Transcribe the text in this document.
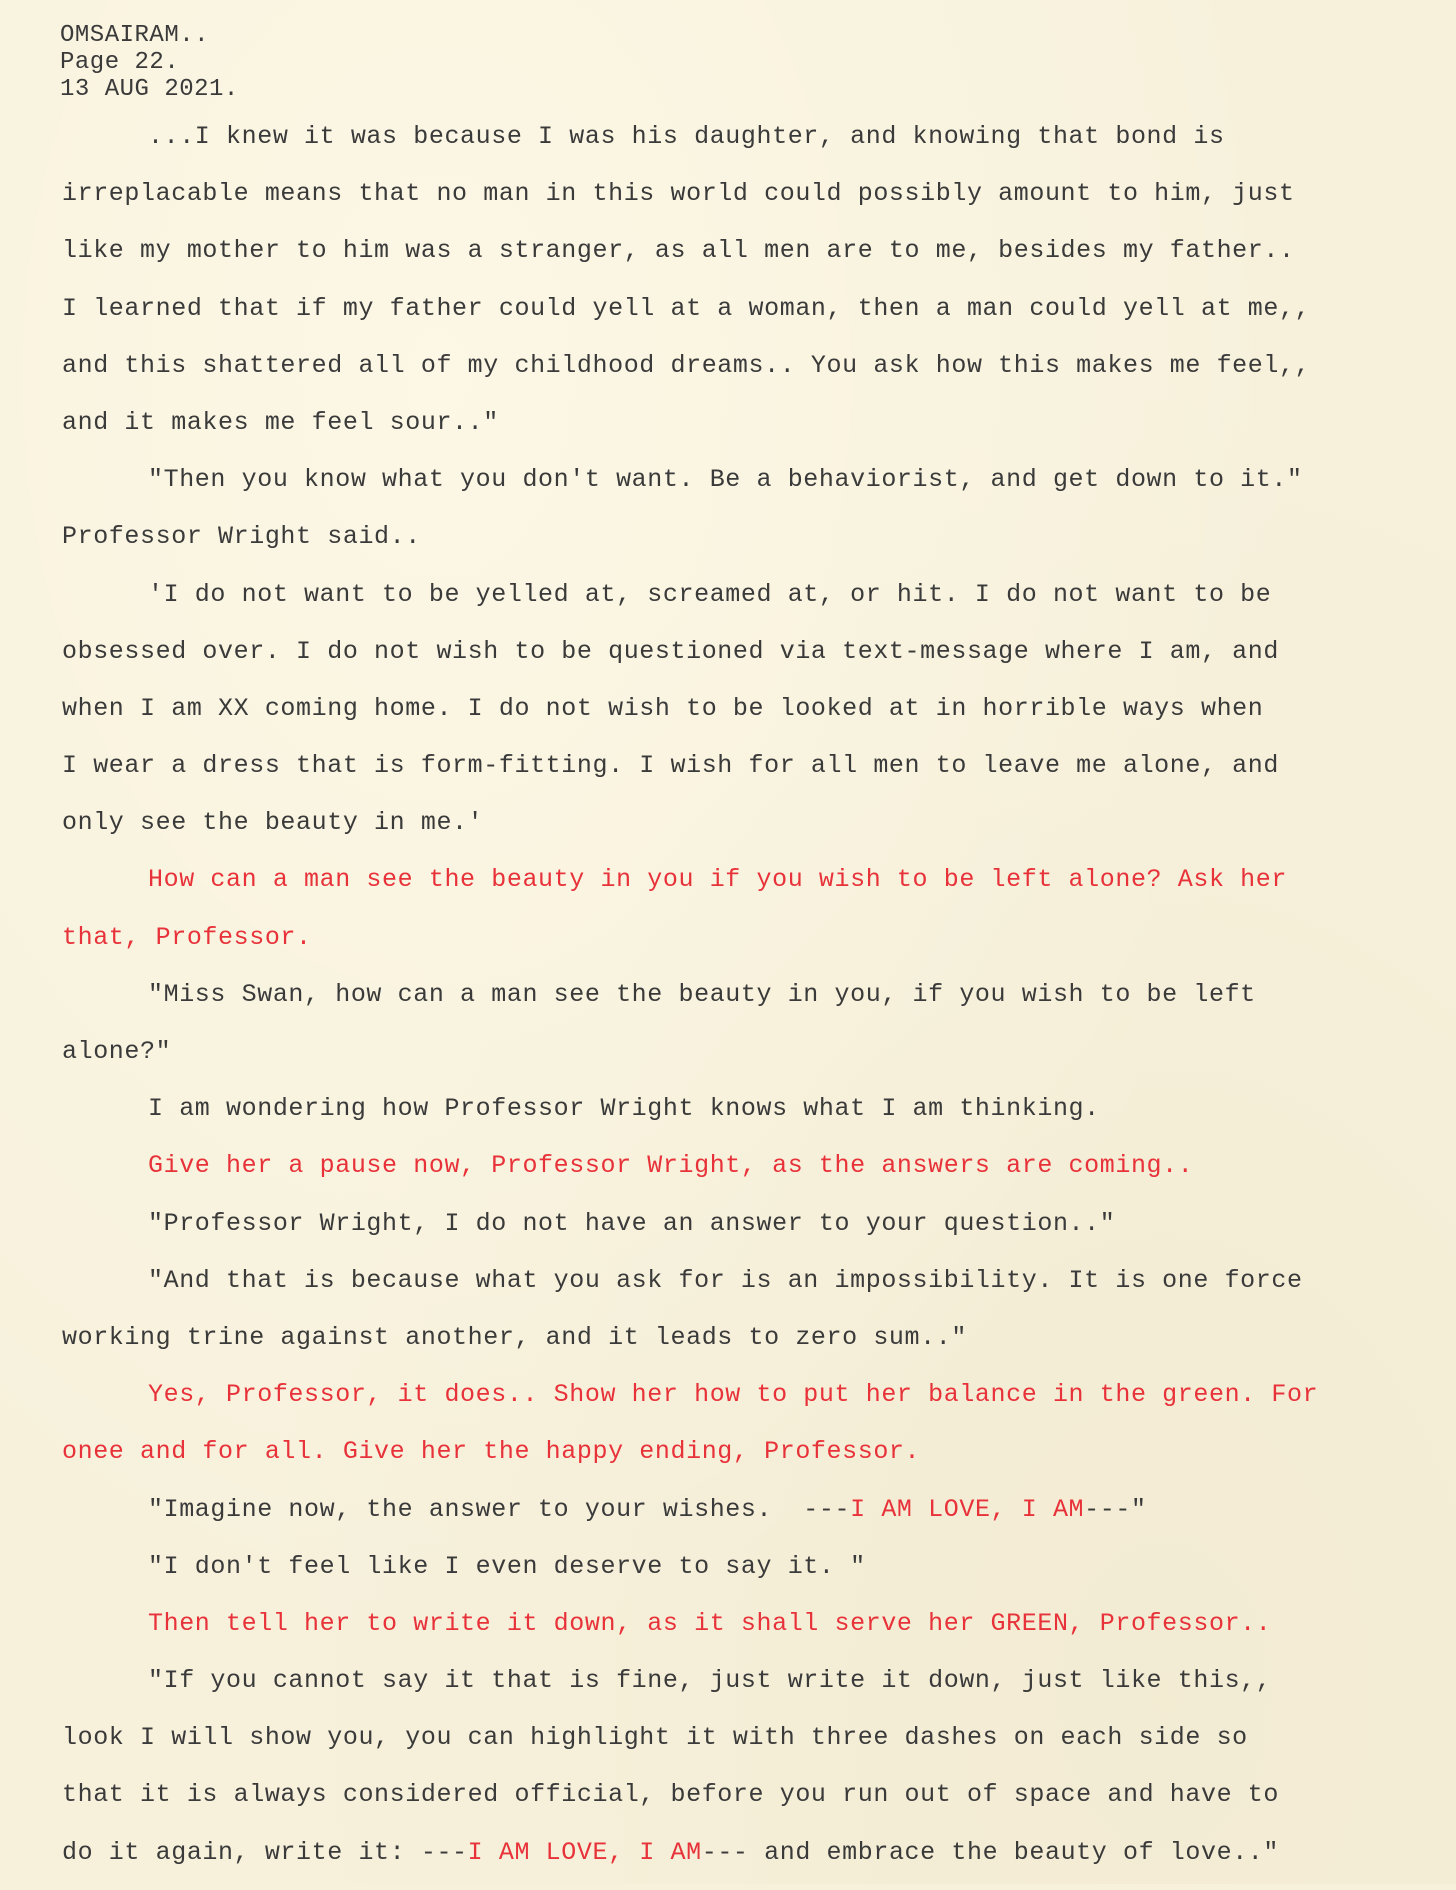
OMSAIRAM..
Page 22.
13 AUG 2021.
...I knew it was because I was his daughter, and knowing that bond is
irreplacable means that no man in this world could possibly amount to him, just
like my mother to him was a stranger, as all men are to me, besides my father..
I learned that if my father could yell at a woman, then a man could yell at me,,
and this shattered all of my childhood dreams.. You ask how this makes me feel,,
and it makes me feel sour.."
"Then you know what you don't want. Be a behaviorist, and get down to it."
Professor Wright said..
'I do not want to be yelled at, screamed at, or hit. I do not want to be
obsessed over. I do not wish to be questioned via text-message where I am, and
when I am XX coming home. I do not wish to be looked at in horrible ways when
I wear a dress that is form-fitting. I wish for all men to leave me alone, and
only see the beauty in me.'
How can a man see the beauty in you if you wish to be left alone? Ask her
that, Professor.
"Miss Swan, how can a man see the beauty in you, if you wish to be left
alone?"
I am wondering how Professor Wright knows what I am thinking.
Give her a pause now, Professor Wright, as the answers are coming..
"Professor Wright, I do not have an answer to your question.."
"And that is because what you ask for is an impossibility. It is one force
working trine against another, and it leads to zero sum.."
Yes, Professor, it does.. Show her how to put her balance in the green. For
onee and for all. Give her the happy ending, Professor.
"Imagine now, the answer to your wishes.  ---I AM LOVE, I AM---"
"I don't feel like I even deserve to say it. "
Then tell her to write it down, as it shall serve her GREEN, Professor..
"If you cannot say it that is fine, just write it down, just like this,,
look I will show you, you can highlight it with three dashes on each side so
that it is always considered official, before you run out of space and have to
do it again, write it: ---I AM LOVE, I AM--- and embrace the beauty of love.."
